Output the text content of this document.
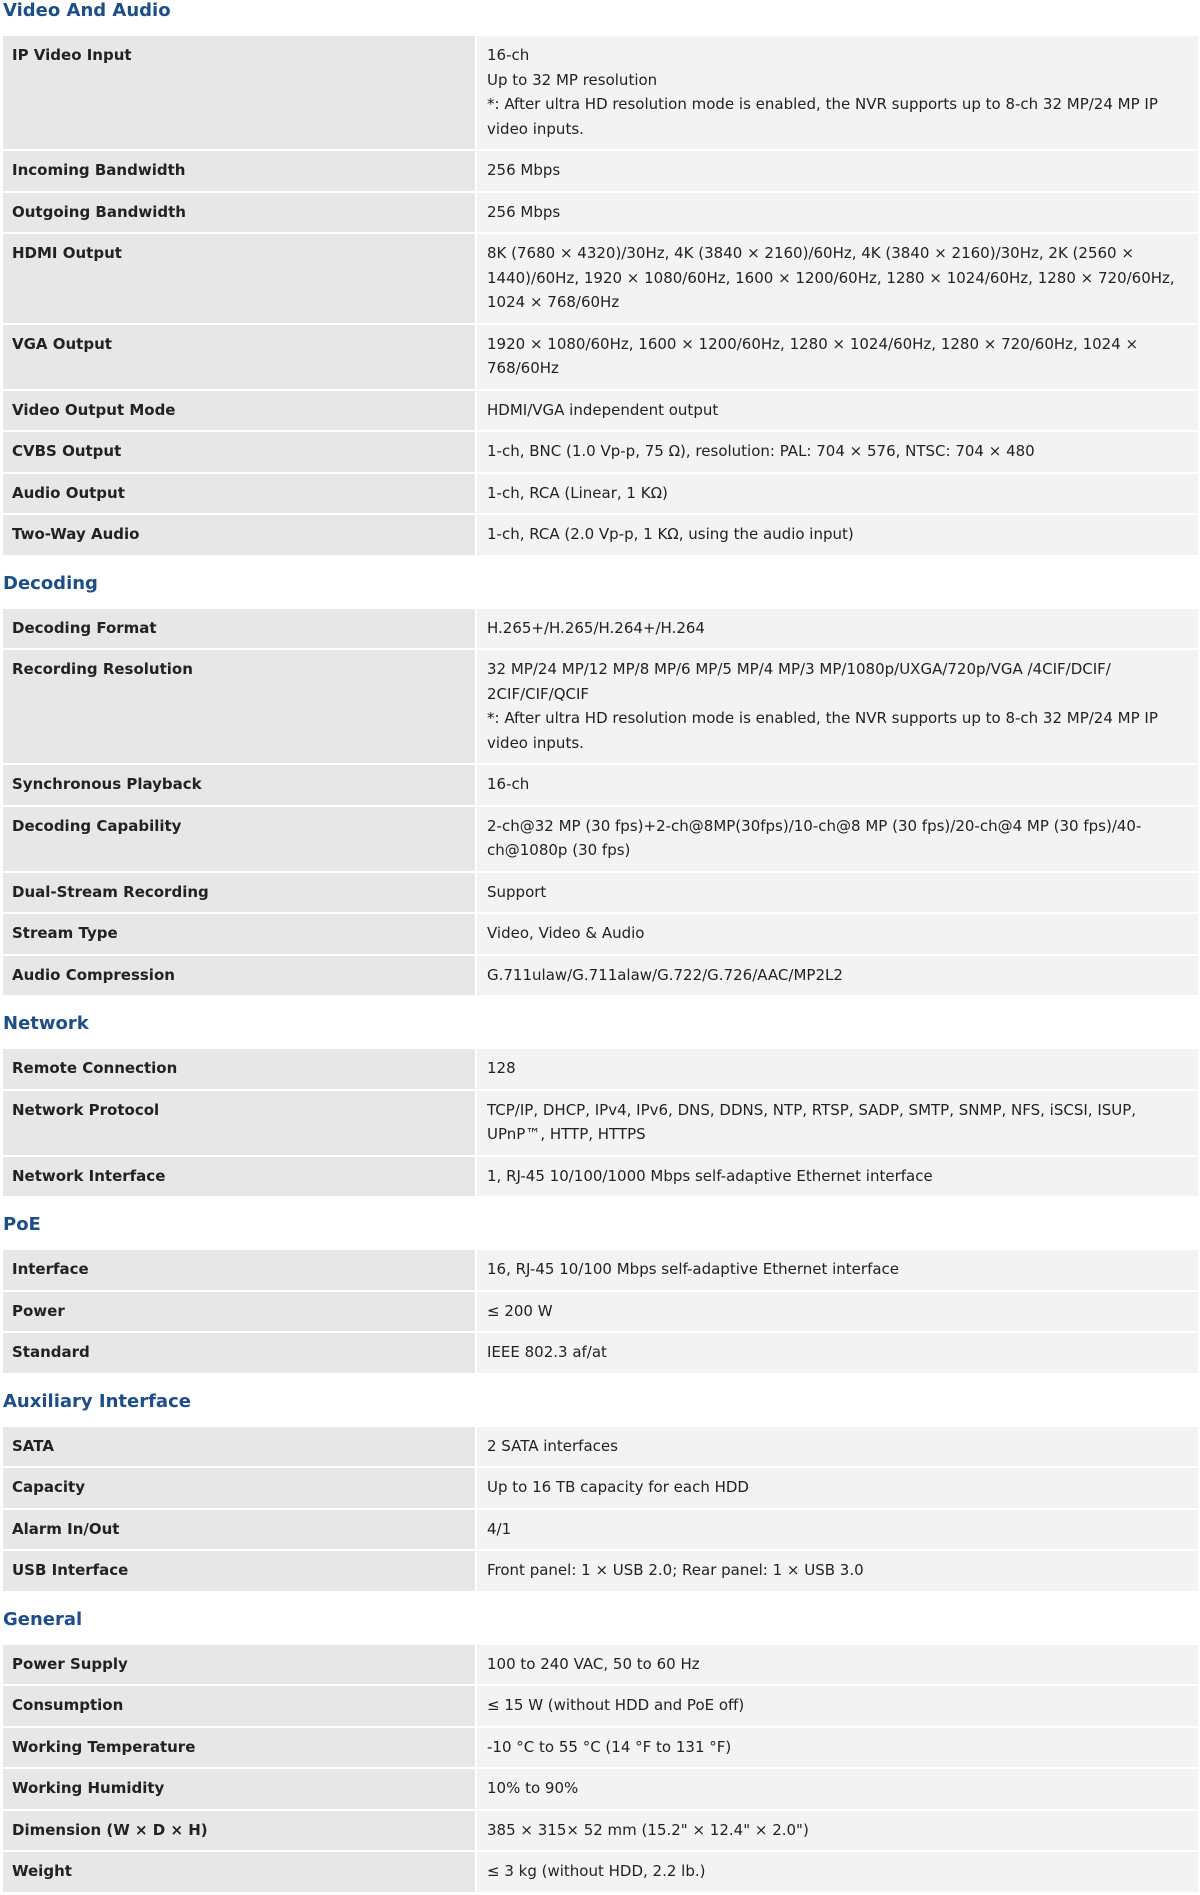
Video And Audio
IP Video Input	16-ch
Up to 32 MP resolution
*: After ultra HD resolution mode is enabled, the NVR supports up to 8-ch 32 MP/24 MP IP video inputs.
Incoming Bandwidth	256 Mbps
Outgoing Bandwidth	256 Mbps
HDMI Output	8K (7680 × 4320)/30Hz, 4K (3840 × 2160)/60Hz, 4K (3840 × 2160)/30Hz, 2K (2560 × 1440)/60Hz, 1920 × 1080/60Hz, 1600 × 1200/60Hz, 1280 × 1024/60Hz, 1280 × 720/60Hz, 1024 × 768/60Hz
VGA Output	1920 × 1080/60Hz, 1600 × 1200/60Hz, 1280 × 1024/60Hz, 1280 × 720/60Hz, 1024 × 768/60Hz
Video Output Mode	HDMI/VGA independent output
CVBS Output	1-ch, BNC (1.0 Vp-p, 75 Ω), resolution: PAL: 704 × 576, NTSC: 704 × 480
Audio Output	1-ch, RCA (Linear, 1 KΩ)
Two-Way Audio	1-ch, RCA (2.0 Vp-p, 1 KΩ, using the audio input)
Decoding
Decoding Format	H.265+/H.265/H.264+/H.264
Recording Resolution	32 MP/24 MP/12 MP/8 MP/6 MP/5 MP/4 MP/3 MP/1080p/UXGA/720p/VGA /4CIF/DCIF/ 2CIF/CIF/QCIF
*: After ultra HD resolution mode is enabled, the NVR supports up to 8-ch 32 MP/24 MP IP video inputs.
Synchronous Playback	16-ch
Decoding Capability	2-ch@32 MP (30 fps)+2-ch@8MP(30fps)/10-ch@8 MP (30 fps)/20-ch@4 MP (30 fps)/40-ch@1080p (30 fps)
Dual-Stream Recording	Support
Stream Type	Video, Video & Audio
Audio Compression	G.711ulaw/G.711alaw/G.722/G.726/AAC/MP2L2
Network
Remote Connection	128
Network Protocol	TCP/IP, DHCP, IPv4, IPv6, DNS, DDNS, NTP, RTSP, SADP, SMTP, SNMP, NFS, iSCSI, ISUP, UPnP™, HTTP, HTTPS
Network Interface	1, RJ-45 10/100/1000 Mbps self-adaptive Ethernet interface
PoE
Interface	16, RJ-45 10/100 Mbps self-adaptive Ethernet interface
Power	≤ 200 W
Standard	IEEE 802.3 af/at
Auxiliary Interface
SATA	2 SATA interfaces
Capacity	Up to 16 TB capacity for each HDD
Alarm In/Out	4/1
USB Interface	Front panel: 1 × USB 2.0; Rear panel: 1 × USB 3.0
General
Power Supply	100 to 240 VAC, 50 to 60 Hz
Consumption	≤ 15 W (without HDD and PoE off)
Working Temperature	-10 °C to 55 °C (14 °F to 131 °F)
Working Humidity	10% to 90%
Dimension (W × D × H)	385 × 315× 52 mm (15.2" × 12.4" × 2.0")
Weight	≤ 3 kg (without HDD, 2.2 lb.)
